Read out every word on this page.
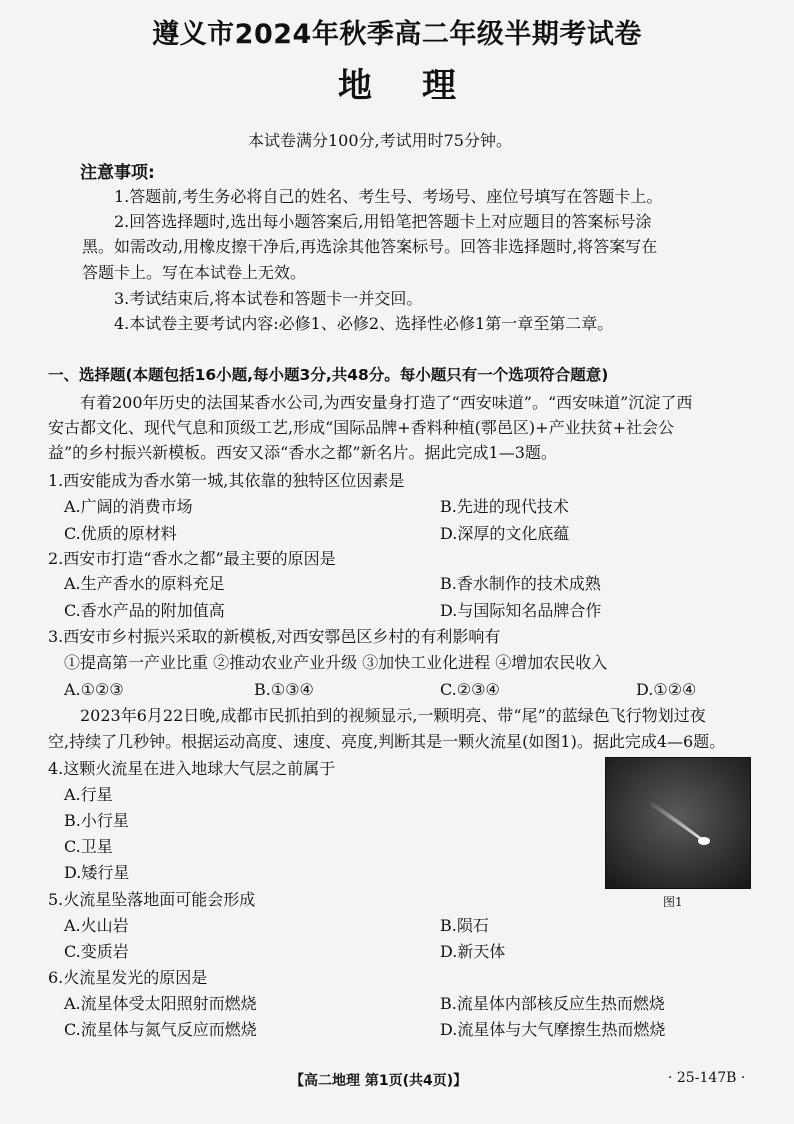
遵义市2024年秋季高二年级半期考试卷
地理
本试卷满分100分,考试用时75分钟。
注意事项:
1.答题前,考生务必将自己的姓名、考生号、考场号、座位号填写在答题卡上。
2.回答选择题时,选出每小题答案后,用铅笔把答题卡上对应题目的答案标号涂
黑。如需改动,用橡皮擦干净后,再选涂其他答案标号。回答非选择题时,将答案写在
答题卡上。写在本试卷上无效。
3.考试结束后,将本试卷和答题卡一并交回。
4.本试卷主要考试内容:必修1、必修2、选择性必修1第一章至第二章。
一、选择题(本题包括16小题,每小题3分,共48分。每小题只有一个选项符合题意)
有着200年历史的法国某香水公司,为西安量身打造了“西安味道”。“西安味道”沉淀了西
安古都文化、现代气息和顶级工艺,形成“国际品牌+香料种植(鄠邑区)+产业扶贫+社会公
益”的乡村振兴新模板。西安又添“香水之都”新名片。据此完成1—3题。
1.西安能成为香水第一城,其依靠的独特区位因素是
A.广阔的消费市场	B.先进的现代技术
C.优质的原材料	D.深厚的文化底蕴
2.西安市打造“香水之都”最主要的原因是
A.生产香水的原料充足	B.香水制作的技术成熟
C.香水产品的附加值高	D.与国际知名品牌合作
3.西安市乡村振兴采取的新模板,对西安鄠邑区乡村的有利影响有
①提高第一产业比重 ②推动农业产业升级 ③加快工业化进程 ④增加农民收入
A.①②③	B.①③④	C.②③④	D.①②④
2023年6月22日晚,成都市民抓拍到的视频显示,一颗明亮、带“尾”的蓝绿色飞行物划过夜
空,持续了几秒钟。根据运动高度、速度、亮度,判断其是一颗火流星(如图1)。据此完成4—6题。
4.这颗火流星在进入地球大气层之前属于
A.行星
B.小行星
C.卫星
D.矮行星
图1
5.火流星坠落地面可能会形成
A.火山岩	B.陨石
C.变质岩	D.新天体
6.火流星发光的原因是
A.流星体受太阳照射而燃烧	B.流星体内部核反应生热而燃烧
C.流星体与氮气反应而燃烧	D.流星体与大气摩擦生热而燃烧
【高二地理 第1页(共4页)】	· 25-147B ·
